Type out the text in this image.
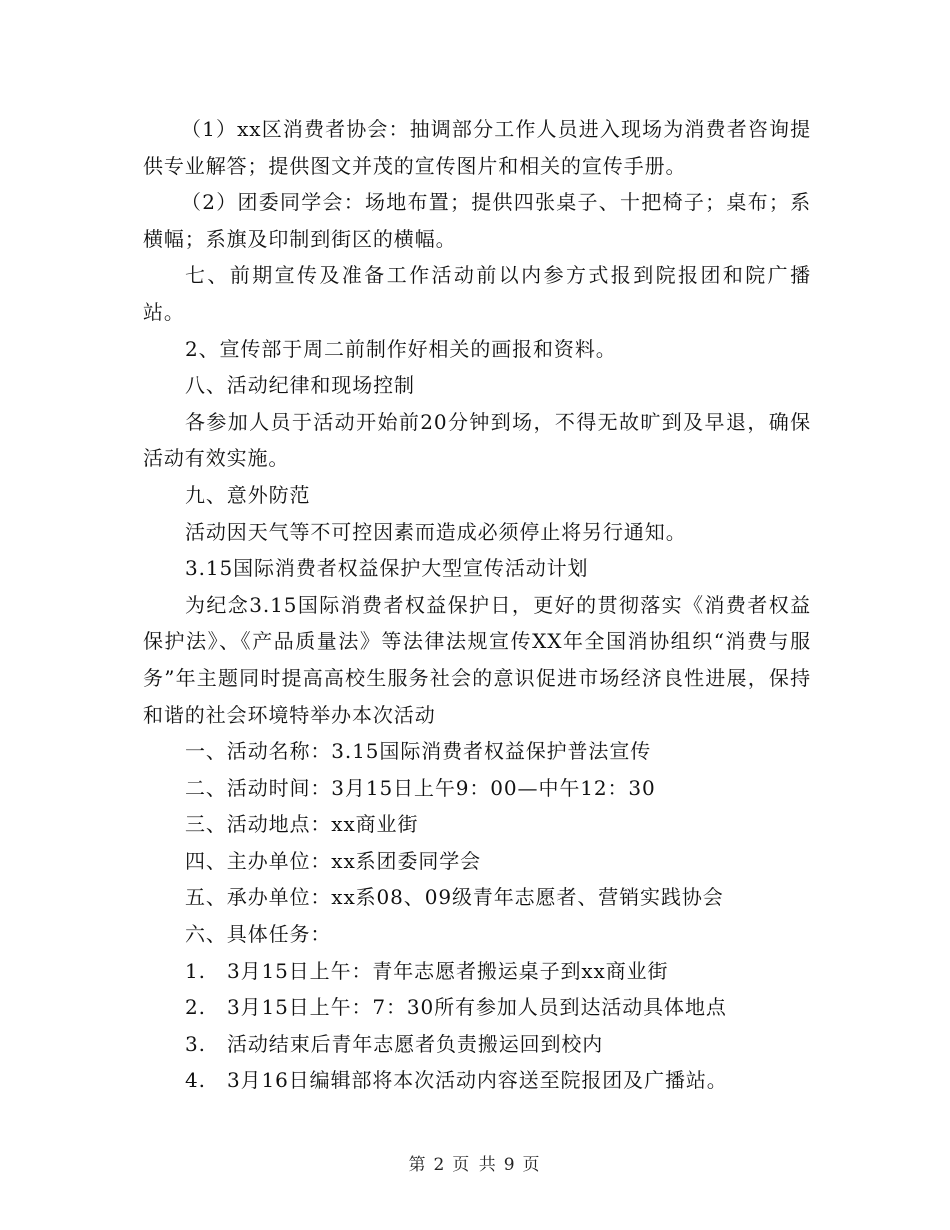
（1）xx区消费者协会：抽调部分工作人员进入现场为消费者咨询提供专业解答；提供图文并茂的宣传图片和相关的宣传手册。

（2）团委同学会：场地布置；提供四张桌子、十把椅子；桌布；系横幅；系旗及印制到街区的横幅。

七、前期宣传及准备工作活动前以内参方式报到院报团和院广播站。

2、宣传部于周二前制作好相关的画报和资料。

八、活动纪律和现场控制

各参加人员于活动开始前20分钟到场，不得无故旷到及早退，确保活动有效实施。

九、意外防范

活动因天气等不可控因素而造成必须停止将另行通知。

3.15国际消费者权益保护大型宣传活动计划

为纪念3.15国际消费者权益保护日，更好的贯彻落实《消费者权益保护法》、《产品质量法》等法律法规宣传XX年全国消协组织“消费与服务”年主题同时提高高校生服务社会的意识促进市场经济良性进展，保持和谐的社会环境特举办本次活动

一、活动名称：3.15国际消费者权益保护普法宣传

二、活动时间：3月15日上午9：00—中午12：30

三、活动地点：xx商业街

四、主办单位：xx系团委同学会

五、承办单位：xx系08、09级青年志愿者、营销实践协会

六、具体任务：

1. 3月15日上午：青年志愿者搬运桌子到xx商业街

2. 3月15日上午：7：30所有参加人员到达活动具体地点

3. 活动结束后青年志愿者负责搬运回到校内

4. 3月16日编辑部将本次活动内容送至院报团及广播站。

第 2 页 共 9 页
